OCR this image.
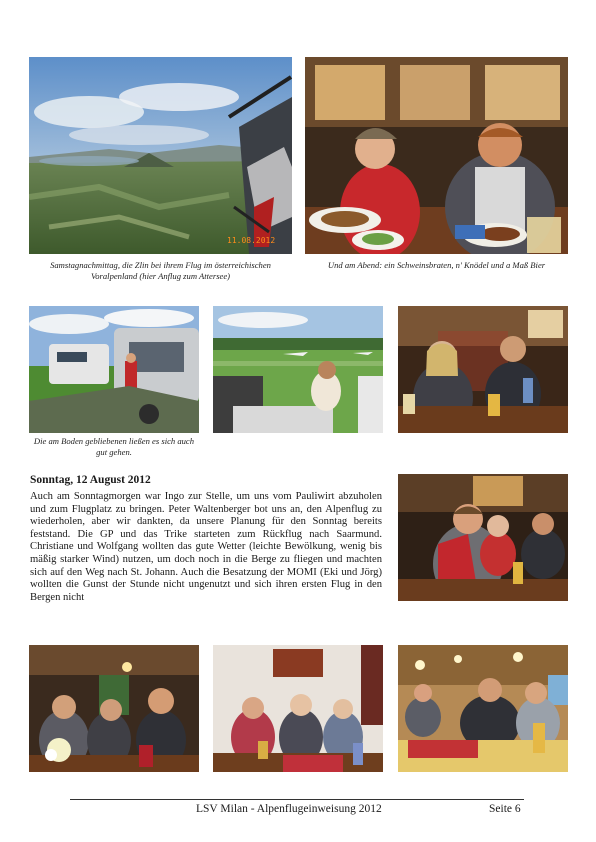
11.08.2012
Samstagnachmittag, die Zlin bei ihrem Flug im österreichischen Voralpenland (hier Anflug zum Attersee)
Und am Abend: ein Schweinsbraten, n' Knödel und a Maß Bier
Die am Boden gebliebenen ließen es sich auch gut gehen.
Sonntag, 12 August 2012
Auch am Sonntagmorgen war Ingo zur Stelle, um uns vom Pauliwirt abzuholen und zum Flugplatz zu bringen. Peter Waltenberger bot uns an, den Alpenflug zu wiederholen, aber wir dankten, da unsere Planung für den Sonntag bereits feststand. Die GP und das Trike starteten zum Rückflug nach Saarmund. Christiane und Wolfgang wollten das gute Wetter (leichte Bewölkung, wenig bis mäßig starker Wind) nutzen, um doch noch in die Berge zu fliegen und machten sich auf den Weg nach St. Johann. Auch die Besatzung der MOMI (Eki und Jörg) wollten die Gunst der Stunde nicht ungenutzt und sich ihren ersten Flug in den Bergen nicht
LSV Milan - Alpenflugeinweisung 2012	Seite 6
